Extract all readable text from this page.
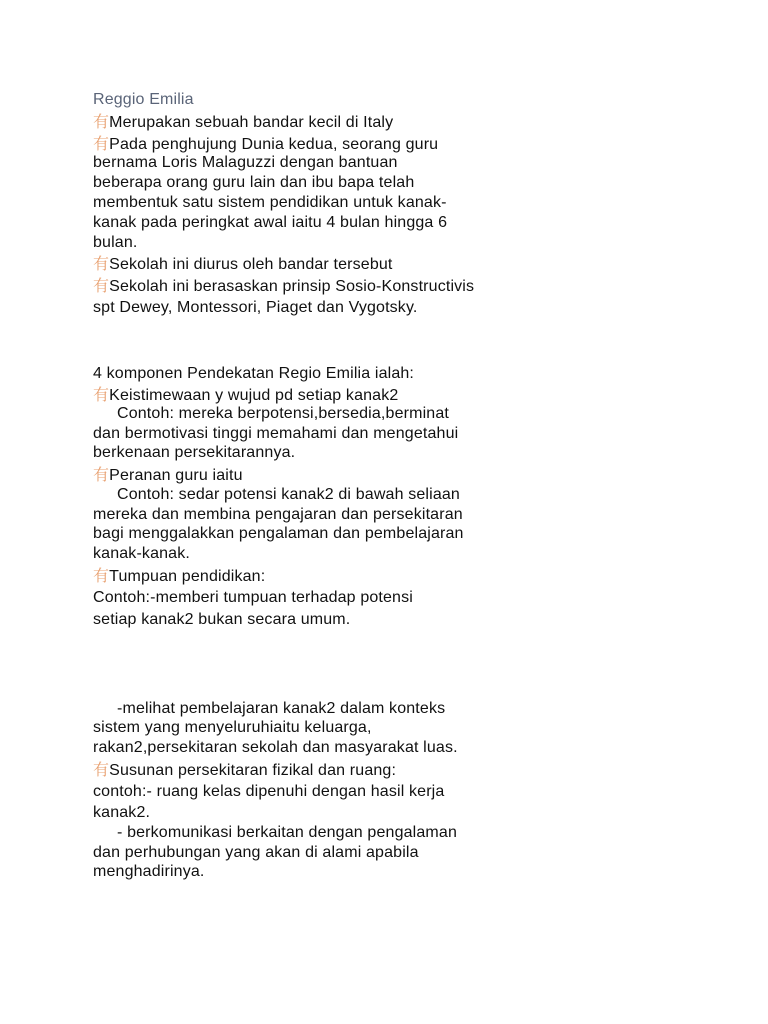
Reggio Emilia
有Merupakan sebuah bandar kecil di Italy
有Pada penghujung Dunia kedua, seorang guru
bernama Loris Malaguzzi dengan bantuan
beberapa orang guru lain dan ibu bapa telah
membentuk satu sistem pendidikan untuk kanak-
kanak pada peringkat awal iaitu 4 bulan hingga 6
bulan.
有Sekolah ini diurus oleh bandar tersebut
有Sekolah ini berasaskan prinsip Sosio-Konstructivis
spt Dewey, Montessori, Piaget dan Vygotsky.
4 komponen Pendekatan Regio Emilia ialah:
有Keistimewaan y wujud pd setiap kanak2
Contoh: mereka berpotensi,bersedia,berminat
dan bermotivasi tinggi memahami dan mengetahui
berkenaan persekitarannya.
有Peranan guru iaitu
Contoh: sedar potensi kanak2 di bawah seliaan
mereka dan membina pengajaran dan persekitaran
bagi menggalakkan pengalaman dan pembelajaran
kanak-kanak.
有Tumpuan pendidikan:
Contoh:-memberi tumpuan terhadap potensi
setiap kanak2 bukan secara umum.
-melihat pembelajaran kanak2 dalam konteks
sistem yang menyeluruhiaitu keluarga,
rakan2,persekitaran sekolah dan masyarakat luas.
有Susunan persekitaran fizikal dan ruang:
contoh:- ruang kelas dipenuhi dengan hasil kerja
kanak2.
- berkomunikasi berkaitan dengan pengalaman
dan perhubungan yang akan di alami apabila
menghadirinya.
